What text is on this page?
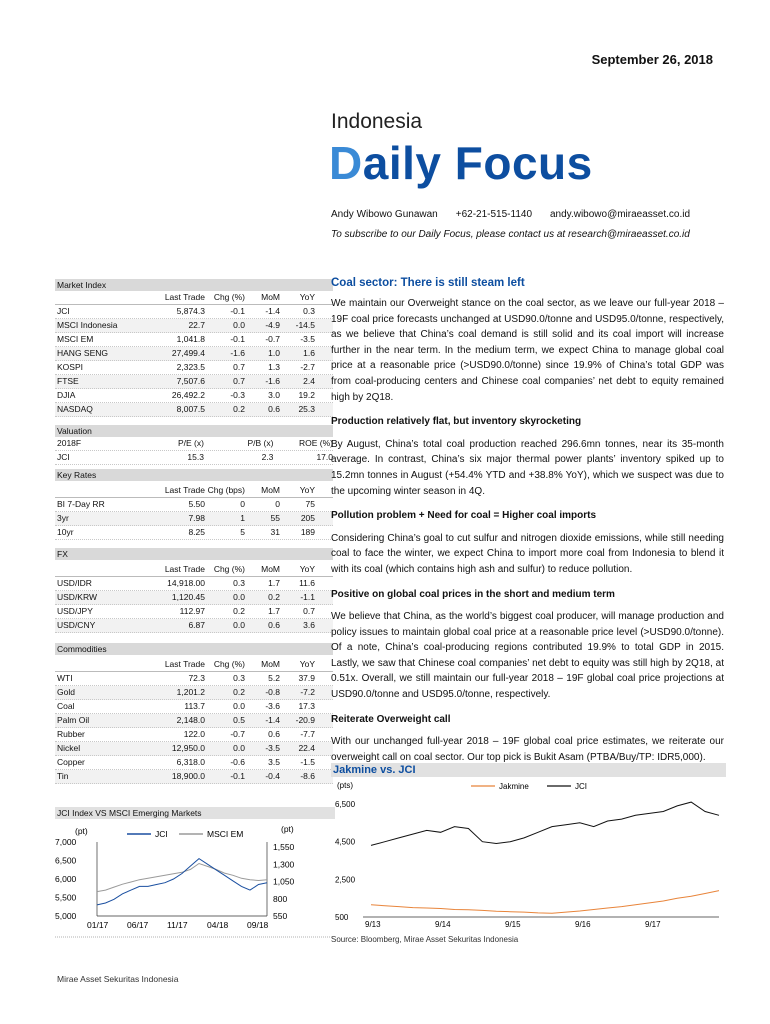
September 26, 2018
Indonesia
Daily Focus
Andy Wibowo Gunawan +62-21-515-1140 andy.wibowo@miraeasset.co.id
To subscribe to our Daily Focus, please contact us at research@miraeasset.co.id
Market Index
Last Trade	Chg (%)	MoM	YoY
JCI	5,874.3	-0.1	-1.4	0.3
MSCI Indonesia	22.7	0.0	-4.9	-14.5
MSCI EM	1,041.8	-0.1	-0.7	-3.5
HANG SENG	27,499.4	-1.6	1.0	1.6
KOSPI	2,323.5	0.7	1.3	-2.7
FTSE	7,507.6	0.7	-1.6	2.4
DJIA	26,492.2	-0.3	3.0	19.2
NASDAQ	8,007.5	0.2	0.6	25.3
Valuation
2018F	P/E (x)	P/B (x)	ROE (%)
JCI	15.3	2.3	17.0
Key Rates
Last Trade Chg (bps)	MoM	YoY
BI 7-Day RR	5.50	0	0	75
3yr	7.98	1	55	205
10yr	8.25	5	31	189
FX
Last Trade	Chg (%)	MoM	YoY
USD/IDR	14,918.00	0.3	1.7	11.6
USD/KRW	1,120.45	0.0	0.2	-1.1
USD/JPY	112.97	0.2	1.7	0.7
USD/CNY	6.87	0.0	0.6	3.6
Commodities
Last Trade	Chg (%)	MoM	YoY
WTI	72.3	0.3	5.2	37.9
Gold	1,201.2	0.2	-0.8	-7.2
Coal	113.7	0.0	-3.6	17.3
Palm Oil	2,148.0	0.5	-1.4	-20.9
Rubber	122.0	-0.7	0.6	-7.7
Nickel	12,950.0	0.0	-3.5	22.4
Copper	6,318.0	-0.6	3.5	-1.5
Tin	18,900.0	-0.1	-0.4	-8.6
JCI Index VS MSCI Emerging Markets
(pt)	(pt)
JCI	MSCI EM
7,000
6,500
6,000
5,500
5,000
1,550
1,300
1,050
800
550
01/17 06/17 11/17 04/18 09/18
Coal sector: There is still steam left

We maintain our Overweight stance on the coal sector, as we leave our full-year 2018 – 19F coal price forecasts unchanged at USD90.0/tonne and USD95.0/tonne, respectively, as we believe that China’s coal demand is still solid and its coal import will increase further in the near term. In the medium term, we expect China to manage global coal price at a reasonable price (>USD90.0/tonne) since 19.9% of China’s total GDP was from coal-producing centers and Chinese coal companies’ net debt to equity remained high by 2Q18.

Production relatively flat, but inventory skyrocketing

By August, China’s total coal production reached 296.6mn tonnes, near its 35-month average. In contrast, China’s six major thermal power plants’ inventory spiked up to 15.2mn tonnes in August (+54.4% YTD and +38.8% YoY), which we suspect was due to the upcoming winter season in 4Q.

Pollution problem + Need for coal = Higher coal imports

Considering China’s goal to cut sulfur and nitrogen dioxide emissions, while still needing coal to face the winter, we expect China to import more coal from Indonesia to blend it with its coal (which contains high ash and sulfur) to reduce pollution.

Positive on global coal prices in the short and medium term

We believe that China, as the world’s biggest coal producer, will manage production and policy issues to maintain global coal price at a reasonable price level (>USD90.0/tonne). Of a note, China’s coal-producing regions contributed 19.9% to total GDP in 2015. Lastly, we saw that Chinese coal companies’ net debt to equity was still high by 2Q18, at 0.51x. Overall, we still maintain our full-year 2018 – 19F global coal price projections at USD90.0/tonne and USD95.0/tonne, respectively.

Reiterate Overweight call

With our unchanged full-year 2018 – 19F global coal price estimates, we reiterate our overweight call on coal sector. Our top pick is Bukit Asam (PTBA/Buy/TP: IDR5,000).

Jakmine vs. JCI
(pts)	Jakmine	JCI
6,500
4,500
2,500
500
9/13	9/14	9/15	9/16	9/17
Source: Bloomberg, Mirae Asset Sekuritas Indonesia
Mirae Asset Sekuritas Indonesia
